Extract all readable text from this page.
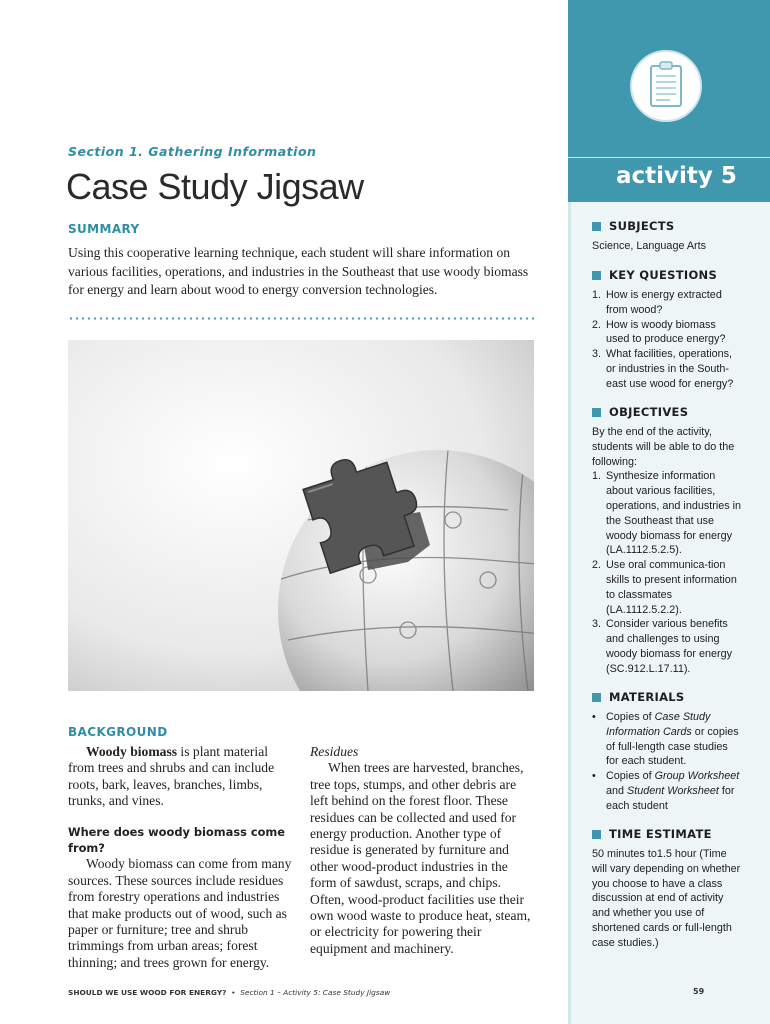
activity 5
SUBJECTS
Science, Language Arts
KEY QUESTIONS
1. How is energy extracted from wood?
2. How is woody biomass used to produce energy?
3. What facilities, operations, or industries in the South-east use wood for energy?
OBJECTIVES
By the end of the activity, students will be able to do the following:
1. Synthesize information about various facilities, operations, and industries in the Southeast that use woody biomass for energy (LA.1112.5.2.5).
2. Use oral communica-tion skills to present information to classmates (LA.1112.5.2.2).
3. Consider various benefits and challenges to using woody biomass for energy (SC.912.L.17.11).
MATERIALS
• Copies of Case Study Information Cards or copies of full-length case studies for each student.
• Copies of Group Worksheet and Student Worksheet for each student
TIME ESTIMATE
50 minutes to1.5 hour (Time will vary depending on whether you choose to have a class discussion at end of activity and whether you use of shortened cards or full-length case studies.)
Section 1. Gathering Information
Case Study Jigsaw
SUMMARY
Using this cooperative learning technique, each student will share information on various facilities, operations, and industries in the Southeast that use woody biomass for energy and learn about wood to energy conversion technologies.
BACKGROUND

Woody biomass is plant material from trees and shrubs and can include roots, bark, leaves, branches, limbs, trunks, and vines.

Where does woody biomass come from?

Woody biomass can come from many sources. These sources include residues from forestry operations and industries that make products out of wood, such as paper or furniture; tree and shrub trimmings from urban areas; forest thinning; and trees grown for energy.

Residues

When trees are harvested, branches, tree tops, stumps, and other debris are left behind on the forest floor. These residues can be collected and used for energy production. Another type of residue is generated by furniture and other wood-product industries in the form of sawdust, scraps, and chips. Often, wood-product facilities use their own wood waste to produce heat, steam, or electricity for powering their equipment and machinery.

SHOULD WE USE WOOD FOR ENERGY? • Section 1 – Activity 5: Case Study Jigsaw	59
